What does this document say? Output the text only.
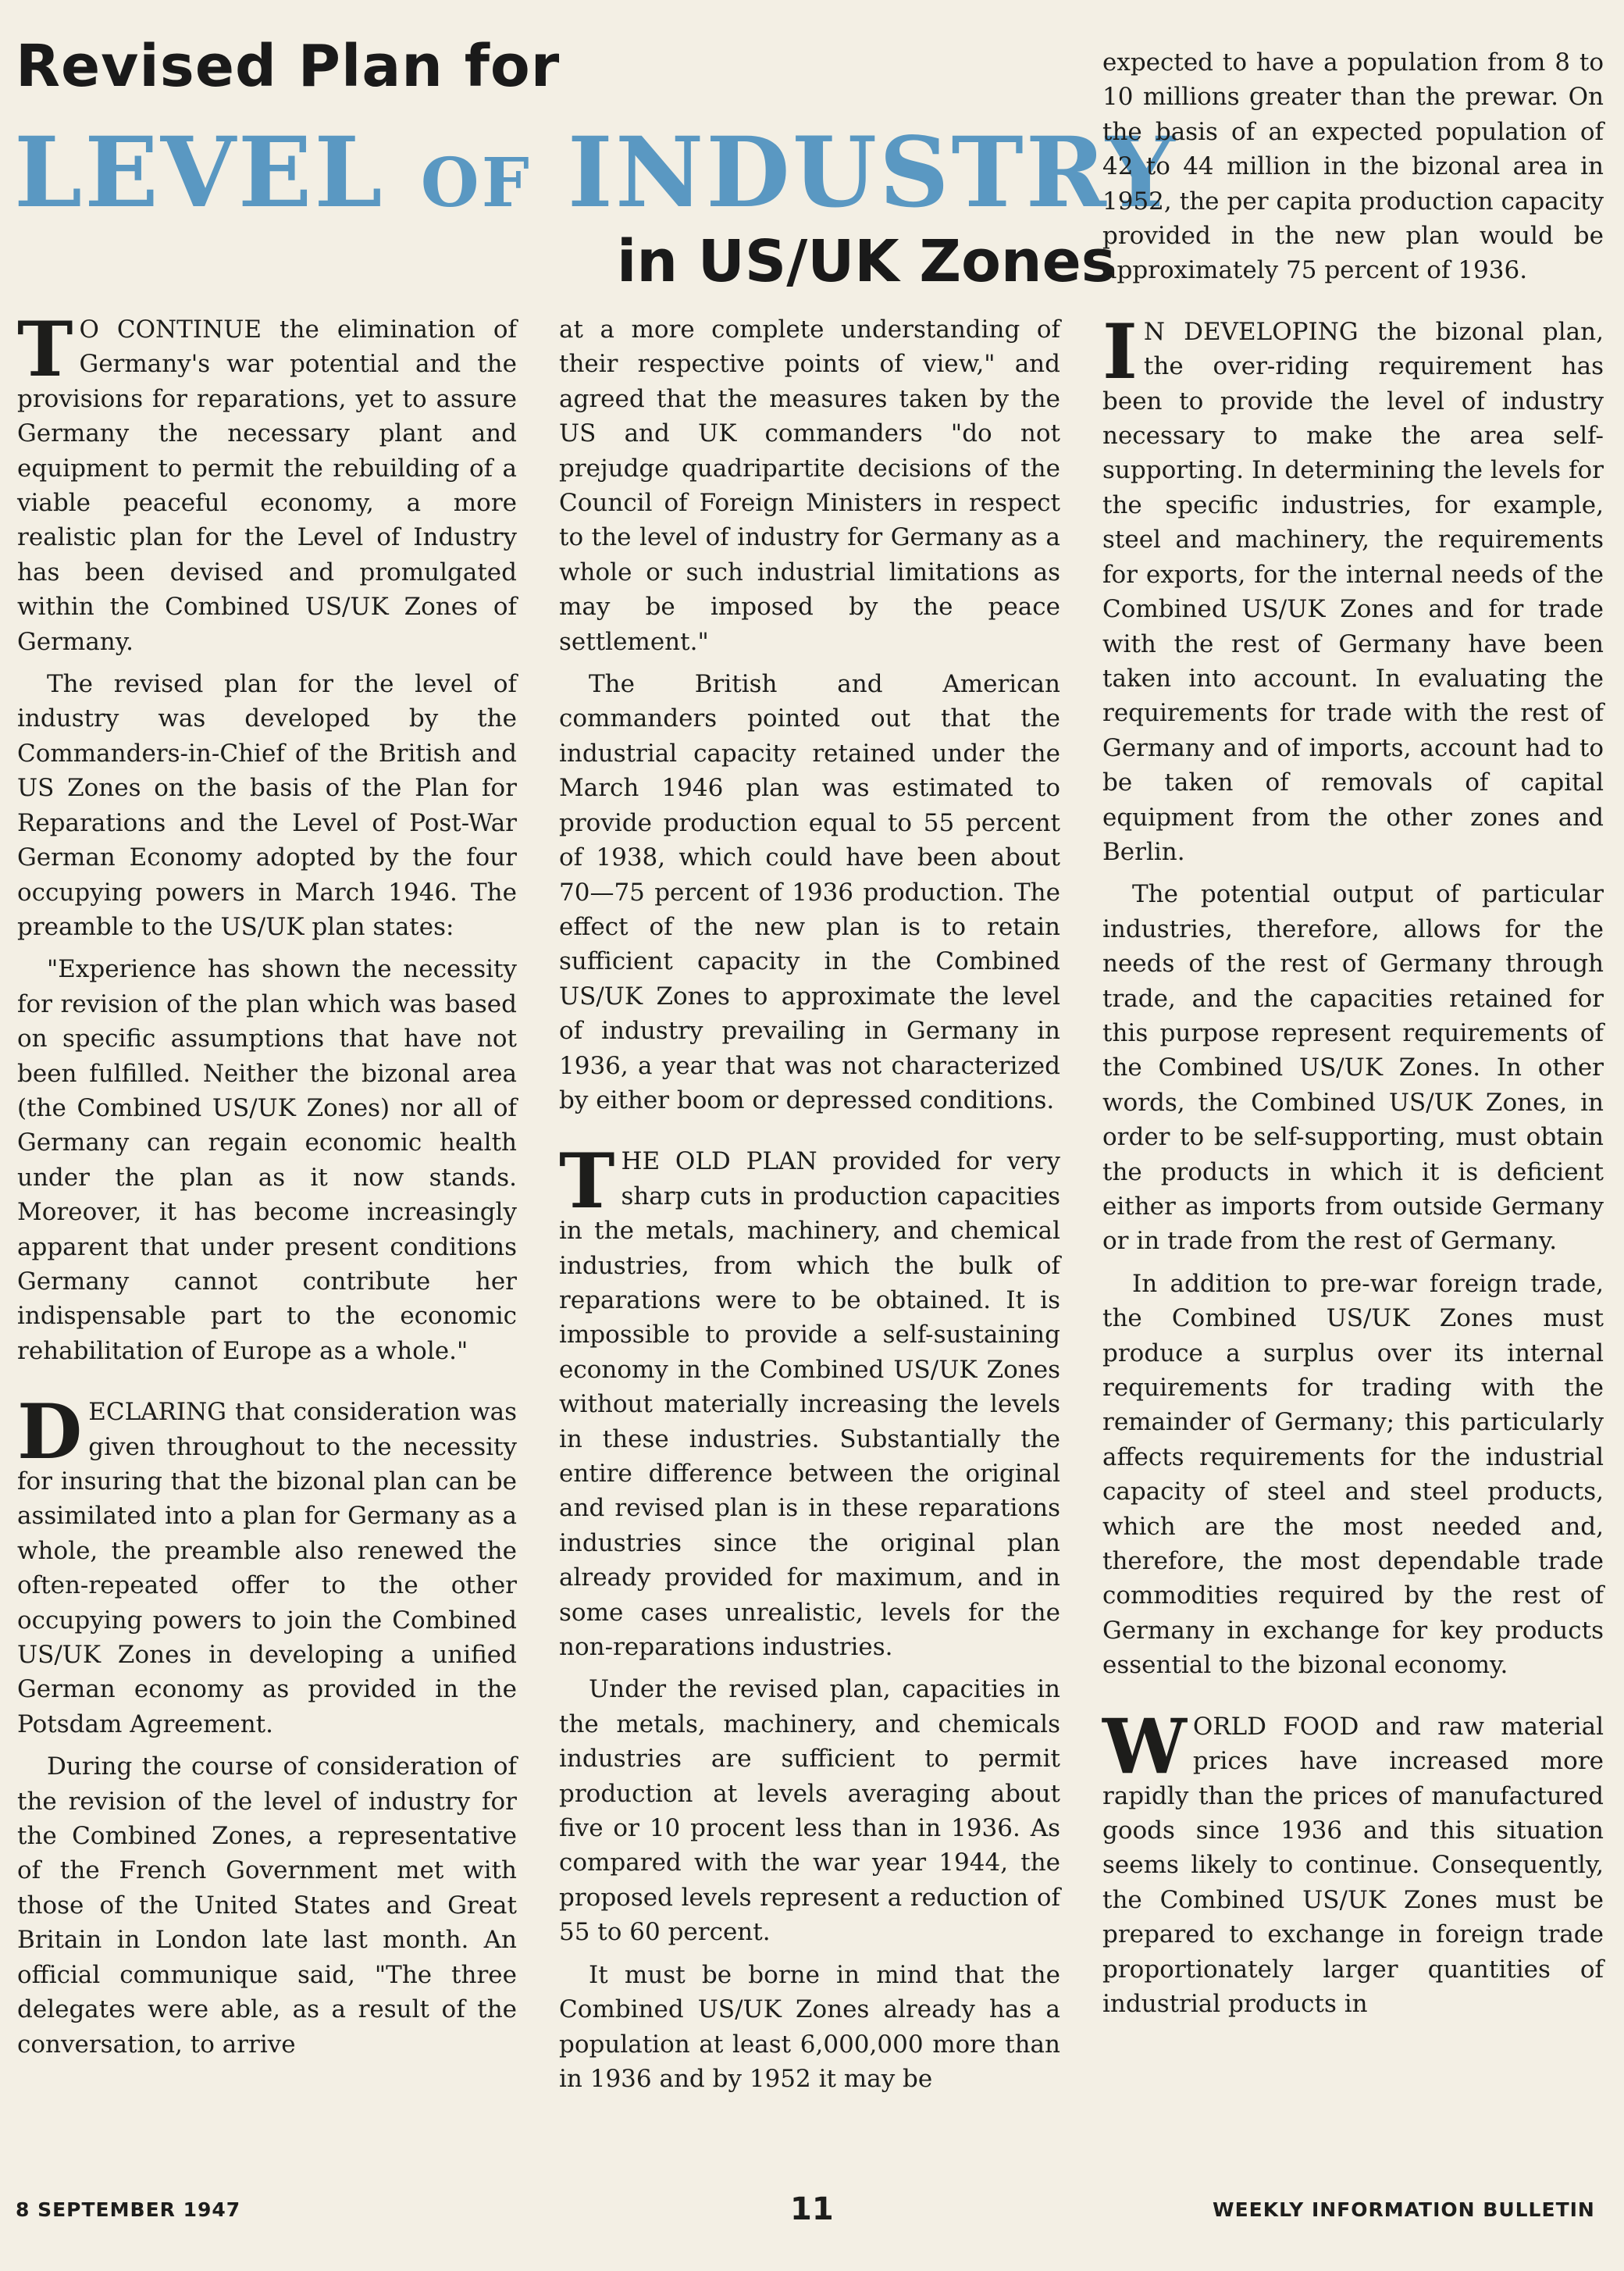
Revised Plan for
LEVEL OF INDUSTRY
in US/UK Zones

T O CONTINUE the elimination of Germany's war potential and the provisions for reparations, yet to assure Germany the necessary plant and equipment to permit the rebuilding of a viable peaceful economy, a more realistic plan for the Level of Industry has been devised and promulgated within the Combined US/UK Zones of Germany.

The revised plan for the level of industry was developed by the Commanders-in-Chief of the British and US Zones on the basis of the Plan for Reparations and the Level of Post-War German Economy adopted by the four occupying powers in March 1946. The preamble to the US/UK plan states:

"Experience has shown the necessity for revision of the plan which was based on specific assumptions that have not been fulfilled. Neither the bizonal area (the Combined US/UK Zones) nor all of Germany can regain economic health under the plan as it now stands. Moreover, it has become increasingly apparent that under present conditions Germany cannot contribute her indispensable part to the economic rehabilitation of Europe as a whole."

DECLARING that consideration was given throughout to the necessity for insuring that the bizonal plan can be assimilated into a plan for Germany as a whole, the preamble also renewed the often-repeated offer to the other occupying powers to join the Combined US/UK Zones in developing a unified German economy as provided in the Potsdam Agreement.

During the course of consideration of the revision of the level of industry for the Combined Zones, a representative of the French Government met with those of the United States and Great Britain in London late last month. An official communique said, "The three delegates were able, as a result of the conversation, to arrive

at a more complete understanding of their respective points of view," and agreed that the measures taken by the US and UK commanders "do not prejudge quadripartite decisions of the Council of Foreign Ministers in respect to the level of industry for Germany as a whole or such industrial limitations as may be imposed by the peace settlement."

The British and American commanders pointed out that the industrial capacity retained under the March 1946 plan was estimated to provide production equal to 55 percent of 1938, which could have been about 70—75 percent of 1936 production. The effect of the new plan is to retain sufficient capacity in the Combined US/UK Zones to approximate the level of industry prevailing in Germany in 1936, a year that was not characterized by either boom or depressed conditions.

THE OLD PLAN provided for very sharp cuts in production capacities in the metals, machinery, and chemical industries, from which the bulk of reparations were to be obtained. It is impossible to provide a self-sustaining economy in the Combined US/UK Zones without materially increasing the levels in these industries. Substantially the entire difference between the original and revised plan is in these reparations industries since the original plan already provided for maximum, and in some cases unrealistic, levels for the non-reparations industries.

Under the revised plan, capacities in the metals, machinery, and chemicals industries are sufficient to permit production at levels averaging about five or 10 procent less than in 1936. As compared with the war year 1944, the proposed levels represent a reduction of 55 to 60 percent.

It must be borne in mind that the Combined US/UK Zones already has a population at least 6,000,000 more than in 1936 and by 1952 it may be

expected to have a population from 8 to 10 millions greater than the prewar. On the basis of an expected population of 42 to 44 million in the bizonal area in 1952, the per capita production capacity provided in the new plan would be approximately 75 percent of 1936.

I N DEVELOPING the bizonal plan, the over-riding requirement has been to provide the level of industry necessary to make the area self-supporting. In determining the levels for the specific industries, for example, steel and machinery, the requirements for exports, for the internal needs of the Combined US/UK Zones and for trade with the rest of Germany have been taken into account. In evaluating the requirements for trade with the rest of Germany and of imports, account had to be taken of removals of capital equipment from the other zones and Berlin.

The potential output of particular industries, therefore, allows for the needs of the rest of Germany through trade, and the capacities retained for this purpose represent requirements of the Combined US/UK Zones. In other words, the Combined US/UK Zones, in order to be self-supporting, must obtain the products in which it is deficient either as imports from outside Germany or in trade from the rest of Germany.

In addition to pre-war foreign trade, the Combined US/UK Zones must produce a surplus over its internal requirements for trading with the remainder of Germany; this particularly affects requirements for the industrial capacity of steel and steel products, which are the most needed and, therefore, the most dependable trade commodities required by the rest of Germany in exchange for key products essential to the bizonal economy.

WORLD FOOD and raw material prices have increased more rapidly than the prices of manufactured goods since 1936 and this situation seems likely to continue. Consequently, the Combined US/UK Zones must be prepared to exchange in foreign trade proportionately larger quantities of industrial products in

8 SEPTEMBER 1947	11	WEEKLY INFORMATION BULLETIN
